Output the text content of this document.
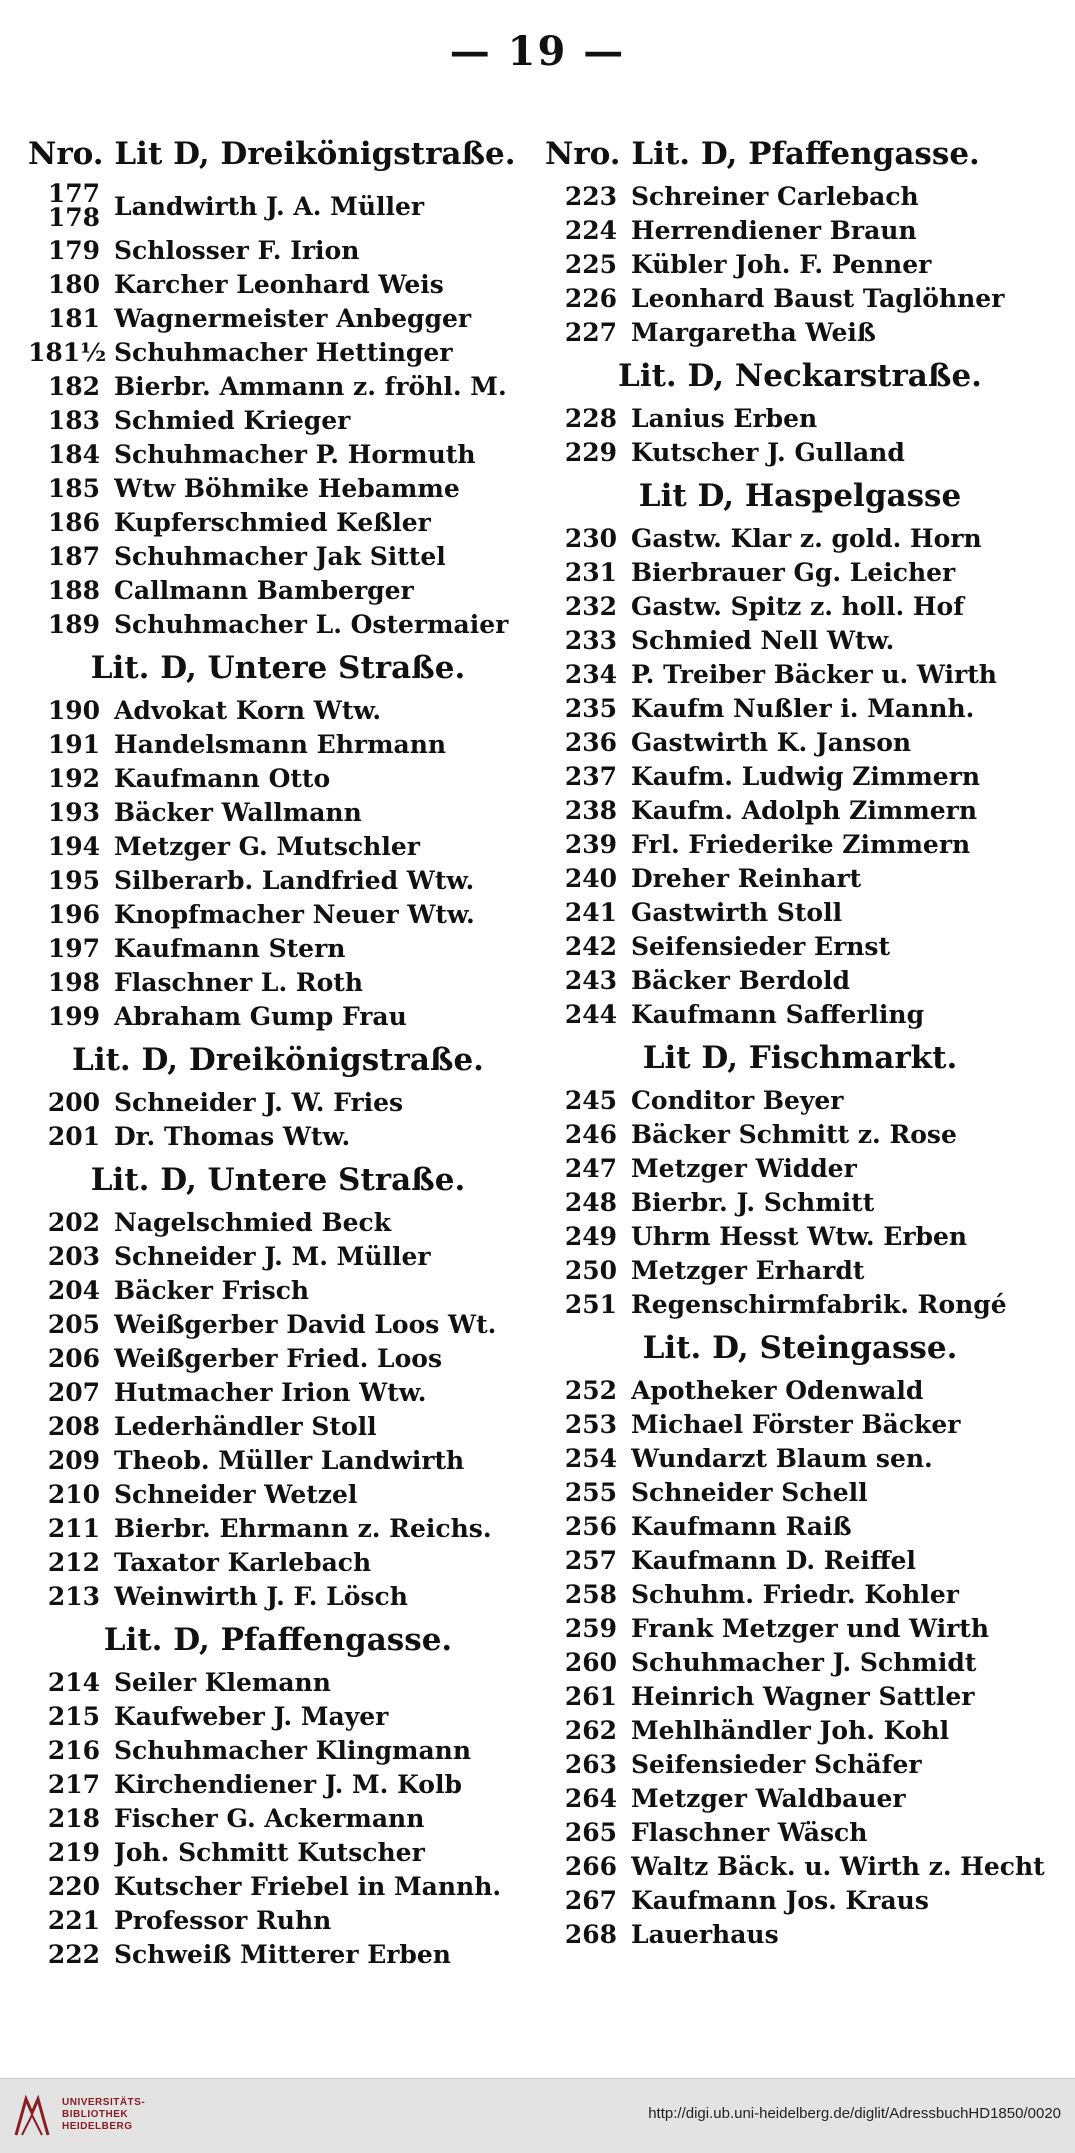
— 19 —
Nro. Lit D, Dreikönigstraße.
177
178 Landwirth J. A. Müller
179 Schlosser F. Irion
180 Karcher Leonhard Weis
181 Wagnermeister Anbegger
181½ Schuhmacher Hettinger
182 Bierbr. Ammann z. fröhl. M.
183 Schmied Krieger
184 Schuhmacher P. Hormuth
185 Wtw Böhmike Hebamme
186 Kupferschmied Keßler
187 Schuhmacher Jak Sittel
188 Callmann Bamberger
189 Schuhmacher L. Ostermaier
Lit. D, Untere Straße.
190 Advokat Korn Wtw.
191 Handelsmann Ehrmann
192 Kaufmann Otto
193 Bäcker Wallmann
194 Metzger G. Mutschler
195 Silberarb. Landfried Wtw.
196 Knopfmacher Neuer Wtw.
197 Kaufmann Stern
198 Flaschner L. Roth
199 Abraham Gump Frau
Lit. D, Dreikönigstraße.
200 Schneider J. W. Fries
201 Dr. Thomas Wtw.
Lit. D, Untere Straße.
202 Nagelschmied Beck
203 Schneider J. M. Müller
204 Bäcker Frisch
205 Weißgerber David Loos Wt.
206 Weißgerber Fried. Loos
207 Hutmacher Irion Wtw.
208 Lederhändler Stoll
209 Theob. Müller Landwirth
210 Schneider Wetzel
211 Bierbr. Ehrmann z. Reichs.
212 Taxator Karlebach
213 Weinwirth J. F. Lösch
Lit. D, Pfaffengasse.
214 Seiler Klemann
215 Kaufweber J. Mayer
216 Schuhmacher Klingmann
217 Kirchendiener J. M. Kolb
218 Fischer G. Ackermann
219 Joh. Schmitt Kutscher
220 Kutscher Friebel in Mannh.
221 Professor Ruhn
222 Schweiß Mitterer Erben
Nro. Lit. D, Pfaffengasse.
223 Schreiner Carlebach
224 Herrendiener Braun
225 Kübler Joh. F. Penner
226 Leonhard Baust Taglöhner
227 Margaretha Weiß
Lit. D, Neckarstraße.
228 Lanius Erben
229 Kutscher J. Gulland
Lit D, Haspelgasse
230 Gastw. Klar z. gold. Horn
231 Bierbrauer Gg. Leicher
232 Gastw. Spitz z. holl. Hof
233 Schmied Nell Wtw.
234 P. Treiber Bäcker u. Wirth
235 Kaufm Nußler i. Mannh.
236 Gastwirth K. Janson
237 Kaufm. Ludwig Zimmern
238 Kaufm. Adolph Zimmern
239 Frl. Friederike Zimmern
240 Dreher Reinhart
241 Gastwirth Stoll
242 Seifensieder Ernst
243 Bäcker Berdold
244 Kaufmann Safferling
Lit D, Fischmarkt.
245 Conditor Beyer
246 Bäcker Schmitt z. Rose
247 Metzger Widder
248 Bierbr. J. Schmitt
249 Uhrm Hesst Wtw. Erben
250 Metzger Erhardt
251 Regenschirmfabrik. Rongé
Lit. D, Steingasse.
252 Apotheker Odenwald
253 Michael Förster Bäcker
254 Wundarzt Blaum sen.
255 Schneider Schell
256 Kaufmann Raiß
257 Kaufmann D. Reiffel
258 Schuhm. Friedr. Kohler
259 Frank Metzger und Wirth
260 Schuhmacher J. Schmidt
261 Heinrich Wagner Sattler
262 Mehlhändler Joh. Kohl
263 Seifensieder Schäfer
264 Metzger Waldbauer
265 Flaschner Wäsch
266 Waltz Bäck. u. Wirth z. Hecht
267 Kaufmann Jos. Kraus
268 Lauerhaus
UNIVERSITÄTS-
BIBLIOTHEK
HEIDELBERG
http://digi.ub.uni-heidelberg.de/diglit/AdressbuchHD1850/0020
